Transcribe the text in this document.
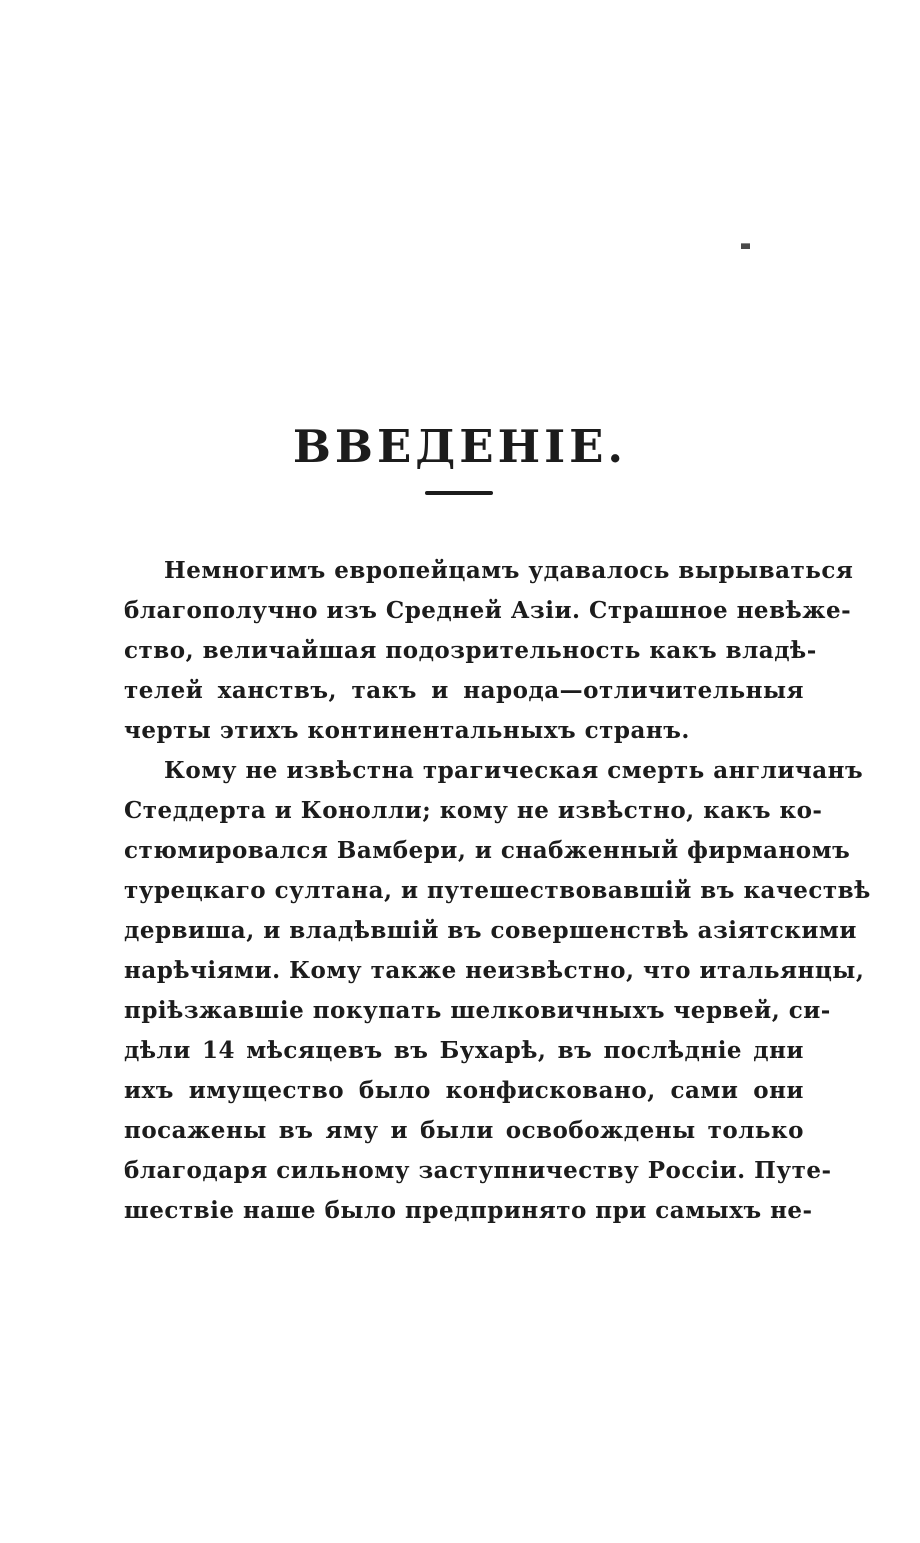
ВВЕДЕНІЕ.
Немногимъ европейцамъ удавалось вырываться
благополучно изъ Средней Азіи. Страшное невѣже-
ство, величайшая подозрительность какъ владѣ-
телей ханствъ, такъ и народа—отличительныя
черты этихъ континентальныхъ странъ.
Кому не извѣстна трагическая смерть англичанъ
Стеддерта и Конолли; кому не извѣстно, какъ ко-
стюмировался Вамбери, и снабженный фирманомъ
турецкаго султана, и путешествовавшій въ качествѣ
дервиша, и владѣвшій въ совершенствѣ азіятскими
нарѣчіями. Кому также неизвѣстно, что итальянцы,
пріѣзжавшіе покупать шелковичныхъ червей, си-
дѣли 14 мѣсяцевъ въ Бухарѣ, въ послѣдніе дни
ихъ имущество было конфисковано, сами они
посажены въ яму и были освобождены только
благодаря сильному заступничеству Россіи. Путе-
шествіе наше было предпринято при самыхъ не-
